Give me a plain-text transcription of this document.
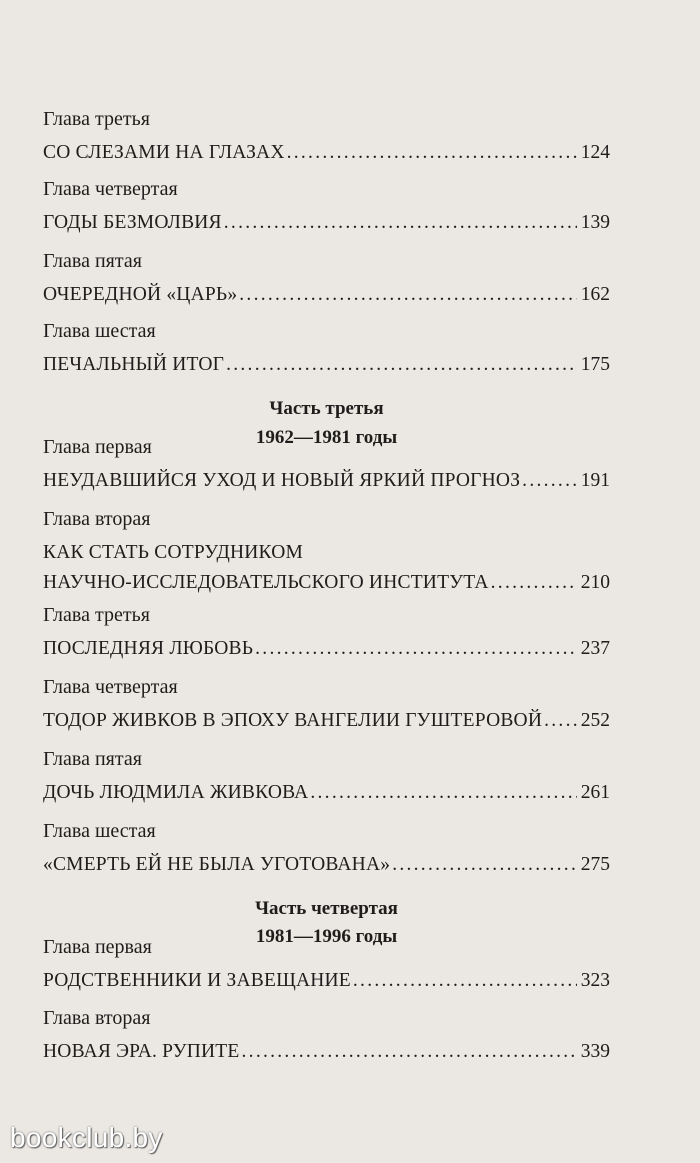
Глава третья
СО СЛЕЗАМИ НА ГЛАЗАХ . . .	124
Глава четвертая
ГОДЫ БЕЗМОЛВИЯ . . .	139
Глава пятая
ОЧЕРЕДНОЙ «ЦАРЬ» . . .	162
Глава шестая
ПЕЧАЛЬНЫЙ ИТОГ . . .	175
Часть третья
1962—1981 годы
Глава первая
НЕУДАВШИЙСЯ УХОД И НОВЫЙ ЯРКИЙ ПРОГНОЗ . . .	191
Глава вторая
КАК СТАТЬ СОТРУДНИКОМ
НАУЧНО-ИССЛЕДОВАТЕЛЬСКОГО ИНСТИТУТА . . .	210
Глава третья
ПОСЛЕДНЯЯ ЛЮБОВЬ . . .	237
Глава четвертая
ТОДОР ЖИВКОВ В ЭПОХУ ВАНГЕЛИИ ГУШТЕРОВОЙ . . . 252
Глава пятая
ДОЧЬ ЛЮДМИЛА ЖИВКОВА . . .	261
Глава шестая
«СМЕРТЬ ЕЙ НЕ БЫЛА УГОТОВАНА» . . .	275
Часть четвертая
1981—1996 годы
Глава первая
РОДСТВЕННИКИ И ЗАВЕЩАНИЕ . . .	323
Глава вторая
НОВАЯ ЭРА. РУПИТЕ . . .	339
bookclub.by
